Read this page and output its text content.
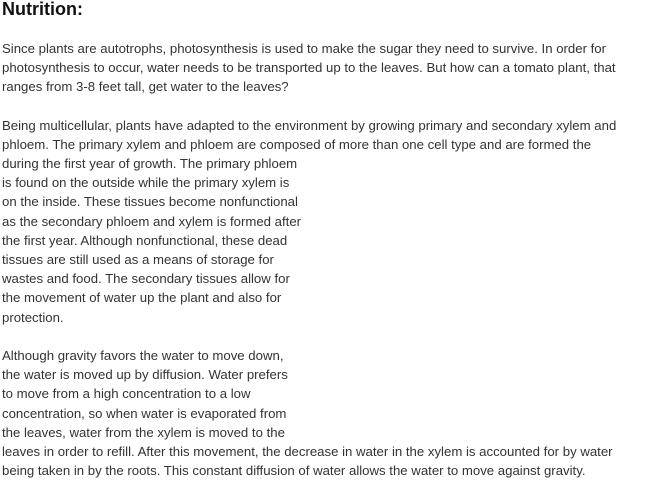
Nutrition:

Since plants are autotrophs, photosynthesis is used to make the sugar they need to survive. In order for

photosynthesis to occur, water needs to be transported up to the leaves. But how can a tomato plant, that

ranges from 3-8 feet tall, get water to the leaves?

Being multicellular, plants have adapted to the environment by growing primary and secondary xylem and

phloem. The primary xylem and phloem are composed of more than one cell type and are formed the

during the first year of growth. The primary phloem

is found on the outside while the primary xylem is

on the inside. These tissues become nonfunctional

as the secondary phloem and xylem is formed after

the first year. Although nonfunctional, these dead

tissues are still used as a means of storage for

wastes and food. The secondary tissues allow for

the movement of water up the plant and also for

protection.

Although gravity favors the water to move down,

the water is moved up by diffusion. Water prefers

to move from a high concentration to a low

concentration, so when water is evaporated from

the leaves, water from the xylem is moved to the

leaves in order to refill. After this movement, the decrease in water in the xylem is accounted for by water

being taken in by the roots. This constant diffusion of water allows the water to move against gravity.
